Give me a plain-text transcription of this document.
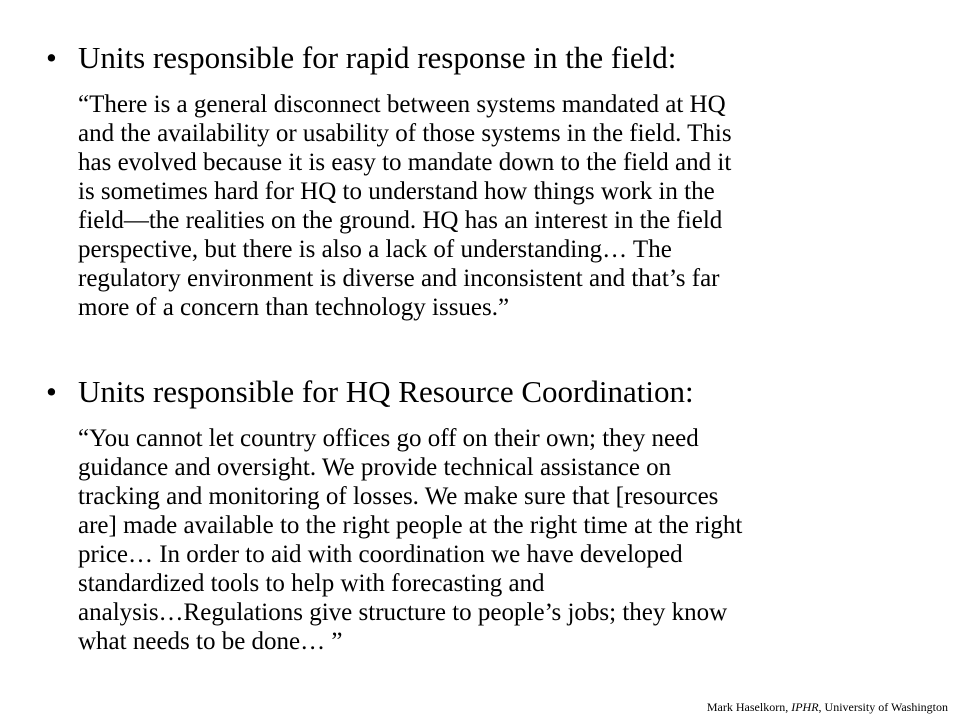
• Units responsible for rapid response in the field:
“There is a general disconnect between systems mandated at HQ
and the availability or usability of those systems in the field. This
has evolved because it is easy to mandate down to the field and it
is sometimes hard for HQ to understand how things work in the
field—the realities on the ground. HQ has an interest in the field
perspective, but there is also a lack of understanding… The
regulatory environment is diverse and inconsistent and that’s far
more of a concern than technology issues.”
• Units responsible for HQ Resource Coordination:
“You cannot let country offices go off on their own; they need
guidance and oversight. We provide technical assistance on
tracking and monitoring of losses. We make sure that [resources
are] made available to the right people at the right time at the right
price… In order to aid with coordination we have developed
standardized tools to help with forecasting and
analysis…Regulations give structure to people’s jobs; they know
what needs to be done… ”
Mark Haselkorn, IPHR, University of Washington
